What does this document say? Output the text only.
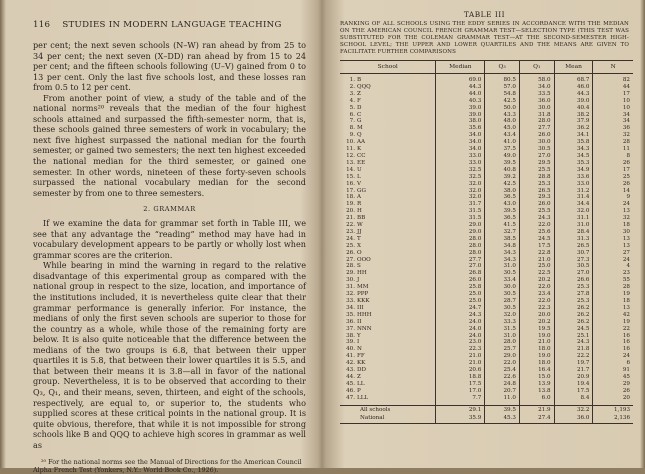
116 STUDIES IN MODERN LANGUAGE TEACHING

per cent; the next seven schools (N–W) ran ahead by from 25 to 34 per cent; the next seven (X–DD) ran ahead by from 15 to 24 per cent; and the fifteen schools following (U–V) gained from 0 to 13 per cent. Only the last five schools lost, and these losses ran from 0.5 to 12 per cent.

From another point of view, a study of the table and of the national norms²⁰ reveals that the median of the four highest schools attained and surpassed the fifth-semester norm, that is, these schools gained three semesters of work in vocabulary; the next five highest surpassed the national median for the fourth semester, or gained two semesters; the next ten highest exceeded the national median for the third semester, or gained one semester. In other words, nineteen of these forty-seven schools surpassed the national vocabulary median for the second semester by from one to three semesters.

2. GRAMMAR

If we examine the data for grammar set forth in Table III, we see that any advantage the “reading” method may have had in vocabulary development appears to be partly or wholly lost when grammar scores are the criterion.

While bearing in mind the warning in regard to the relative disadvantage of this experimental group as compared with the national group in respect to the size, location, and importance of the institutions included, it is nevertheless quite clear that their grammar performance is generally inferior. For instance, the medians of only the first seven schools are superior to those for the country as a whole, while those of the remaining forty are below. It is also quite noticeable that the difference between the medians of the two groups is 6.8, that between their upper quartiles it is 5.8, that between their lower quartiles it is 5.5, and that between their means it is 3.8—all in favor of the national group. Nevertheless, it is to be observed that according to their Q₃, Q₁, and their means, seven, thirteen, and eight of the schools, respectively, are equal to, or superior to, the students who supplied scores at these critical points in the national group. It is quite obvious, therefore, that while it is not impossible for strong schools like B and QQQ to achieve high scores in grammar as well as

²⁰ For the national norms see the Manual of Directions for the American Council Alpha French Test (Yonkers, N.Y.: World Book Co., 1926).

TABLE III
RANKING OF ALL SCHOOLS USING THE EDDY SERIES IN ACCORDANCE WITH THE MEDIAN ON THE AMERICAN COUNCIL FRENCH GRAMMAR TEST—SELECTION TYPE (THIS TEST WAS SUBSTITUTED FOR THE COLEMAN GRAMMAR TEST—AT THE SECOND-SEMESTER HIGH-SCHOOL LEVEL; THE UPPER AND LOWER QUARTILES AND THE MEANS ARE GIVEN TO FACILITATE FURTHER COMPARISONS
School	Median	Q₃	Q₁	Mean	N
1. B	69.0	80.5	58.0	68.7	82
2. QQQ	44.3	57.0	34.0	46.0	44
3. Z	44.0	54.8	33.5	44.3	17
4. F	40.3	42.5	36.0	39.0	10
5. D	39.0	50.0	30.0	40.4	10
6. C	39.0	43.3	31.8	38.2	34
7. G	38.0	48.0	28.0	37.9	34
8. M	35.6	45.0	27.7	36.2	36
9. Q	34.0	43.4	26.0	34.1	32
10. AA	34.0	41.0	30.0	35.8	28
11. K	34.0	37.5	30.5	34.3	11
12. CC	33.0	49.0	27.0	34.5	8
13. EE	33.0	39.5	29.5	35.3	26
14. U	32.5	40.8	25.5	34.9	17
15. L	32.5	39.2	28.8	33.6	25
16. V	32.0	42.5	25.3	33.0	26
17. GG	32.0	38.0	26.5	31.2	14
18. A	32.0	36.5	29.3	31.4	9
19. R	31.7	43.0	26.0	34.4	24
20. H	31.5	39.5	25.5	32.0	13
21. BB	31.5	36.5	24.3	31.1	32
22. W	29.0	41.5	22.0	31.0	18
23. JJ	29.0	32.7	25.6	28.4	30
24. T	28.0	38.5	24.5	31.3	13
25. X	28.0	34.8	17.5	26.5	13
26. O	28.0	34.3	22.8	30.7	27
27. OOO	27.7	34.3	21.0	27.3	24
28. S	27.0	31.0	25.0	30.5	4
29. HH	26.8	30.5	22.5	27.0	23
30. J	26.0	33.4	20.2	26.6	55
31. MM	25.8	30.0	22.0	25.3	28
32. PPP	25.0	30.5	23.4	27.8	19
33. KKK	25.0	28.7	22.0	25.3	18
34. III	24.7	30.5	22.3	26.2	13
35. HHH	24.3	32.0	20.0	26.2	42
36. II	24.0	33.3	20.2	26.2	19
37. NNN	24.0	31.5	19.5	24.5	22
38. Y	24.0	31.0	19.0	25.1	16
39. I	23.0	28.0	21.0	24.3	16
40. N	22.3	25.7	18.0	21.8	16
41. FF	21.0	29.0	19.0	22.2	24
42. KK	21.0	22.0	18.0	19.7	6
43. DD	20.6	25.4	16.4	21.7	91
44. Z	18.8	22.6	15.0	20.9	45
45. LL	17.5	24.8	13.9	19.4	29
46. P	17.0	20.7	13.8	17.5	26
47. LLL	7.7	11.0	6.0	8.4	20
All schools	29.1	39.5	21.9	32.2	1,193
National	35.9	45.3	27.4	36.0	2,136
